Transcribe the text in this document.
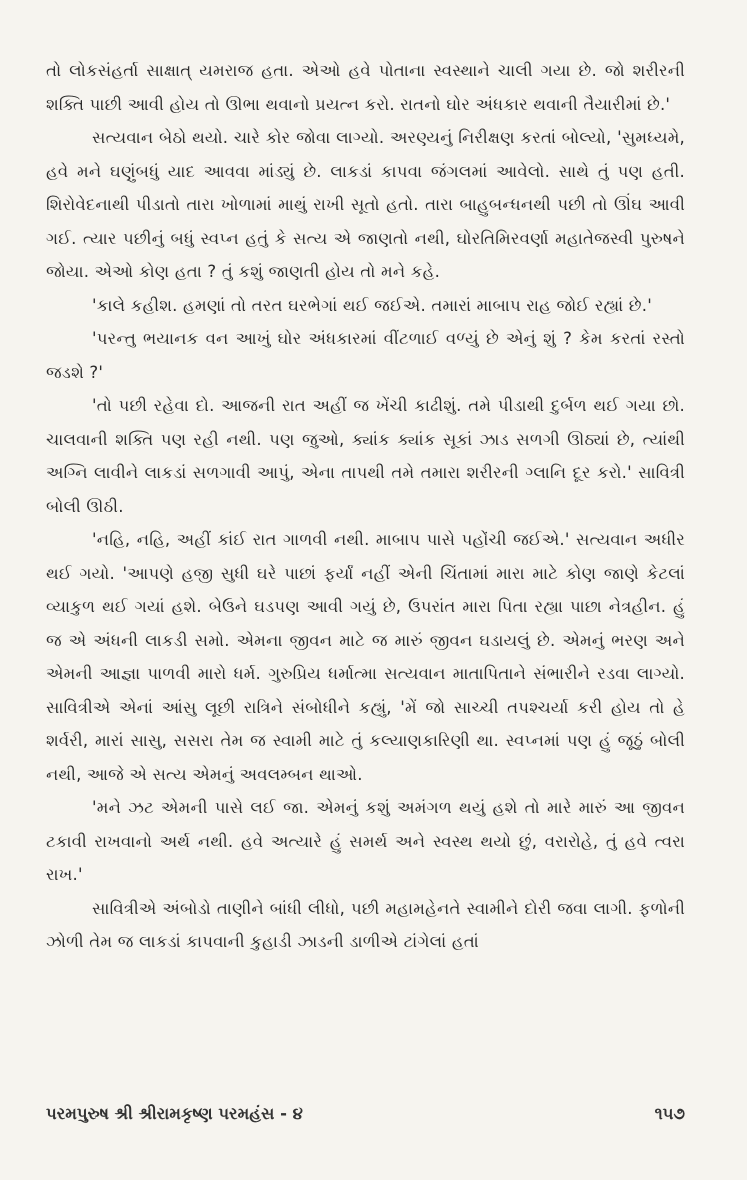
તો લોકસંહર્તા સાક્ષાત્ યમરાજ હતા. એઓ હવે પોતાના સ્વસ્થાને ચાલી ગયા છે. જો શરીરની શક્તિ પાછી આવી હોય તો ઊભા થવાનો પ્રયત્ન કરો. રાતનો ઘોર અંધકાર થવાની તૈયારીમાં છે.'

સત્યવાન બેઠો થયો. ચારે કોર જોવા લાગ્યો. અરણ્યનું નિરીક્ષણ કરતાં બોલ્યો, 'સુમધ્યમે, હવે મને ઘણુંબધું યાદ આવવા માંડ્યું છે. લાકડાં કાપવા જંગલમાં આવેલો. સાથે તું પણ હતી. શિરોવેદનાથી પીડાતો તારા ખોળામાં માથું રાખી સૂતો હતો. તારા બાહુબન્ધનથી પછી તો ઊંઘ આવી ગઈ. ત્યાર પછીનું બધું સ્વપ્ન હતું કે સત્ય એ જાણતો નથી, ઘોરતિમિરવર્ણા મહાતેજસ્વી પુરુષને જોયા. એઓ કોણ હતા ? તું કશું જાણતી હોય તો મને કહે.

'કાલે કહીશ. હમણાં તો તરત ઘરભેગાં થઈ જઈએ. તમારાં માબાપ રાહ જોઈ રહ્યાં છે.'

'પરન્તુ ભયાનક વન આખું ઘોર અંધકારમાં વીંટળાઈ વળ્યું છે એનું શું ? કેમ કરતાં રસ્તો જડશે ?'

'તો પછી રહેવા દો. આજની રાત અહીં જ ખેંચી કાઢીશું. તમે પીડાથી દુર્બળ થઈ ગયા છો. ચાલવાની શક્તિ પણ રહી નથી. પણ જુઓ, ક્યાંક ક્યાંક સૂકાં ઝાડ સળગી ઊઠ્યાં છે, ત્યાંથી અગ્નિ લાવીને લાકડાં સળગાવી આપું, એના તાપથી તમે તમારા શરીરની ગ્લાનિ દૂર કરો.' સાવિત્રી બોલી ઊઠી.

'નહિ, નહિ, અહીં કાંઈ રાત ગાળવી નથી. માબાપ પાસે પહોંચી જઈએ.' સત્યવાન અધીર થઈ ગયો. 'આપણે હજી સુધી ઘરે પાછાં ફર્યાં નહીં એની ચિંતામાં મારા માટે કોણ જાણે કેટલાં વ્યાકુળ થઈ ગયાં હશે. બેઉને ઘડપણ આવી ગયું છે, ઉપરાંત મારા પિતા રહ્યા પાછા નેત્રહીન. હું જ એ અંધની લાકડી સમો. એમના જીવન માટે જ મારું જીવન ઘડાયલું છે. એમનું ભરણ અને એમની આજ્ઞા પાળવી મારો ધર્મ. ગુરુપ્રિય ધર્માત્મા સત્યવાન માતાપિતાને સંભારીને રડવા લાગ્યો. સાવિત્રીએ એનાં આંસુ લૂછી રાત્રિને સંબોધીને કહ્યું, 'મેં જો સાચ્ચી તપશ્ચર્યા કરી હોય તો હે શર્વરી, મારાં સાસુ, સસરા તેમ જ સ્વામી માટે તું કલ્યાણકારિણી થા. સ્વપ્નમાં પણ હું જૂઠું બોલી નથી, આજે એ સત્ય એમનું અવલમ્બન થાઓ.

'મને ઝટ એમની પાસે લઈ જા. એમનું કશું અમંગળ થયું હશે તો મારે મારું આ જીવન ટકાવી રાખવાનો અર્થ નથી. હવે અત્યારે હું સમર્થ અને સ્વસ્થ થયો છું, વરારોહે, તું હવે ત્વરા રાખ.'

સાવિત્રીએ અંબોડો તાણીને બાંધી લીધો, પછી મહામહેનતે સ્વામીને દોરી જવા લાગી. ફળોની ઝોળી તેમ જ લાકડાં કાપવાની કુહાડી ઝાડની ડાળીએ ટાંગેલાં હતાં

પરમપુરુષ શ્રી શ્રીરામકૃષ્ણ પરમહંસ - ૪	૧૫૭
